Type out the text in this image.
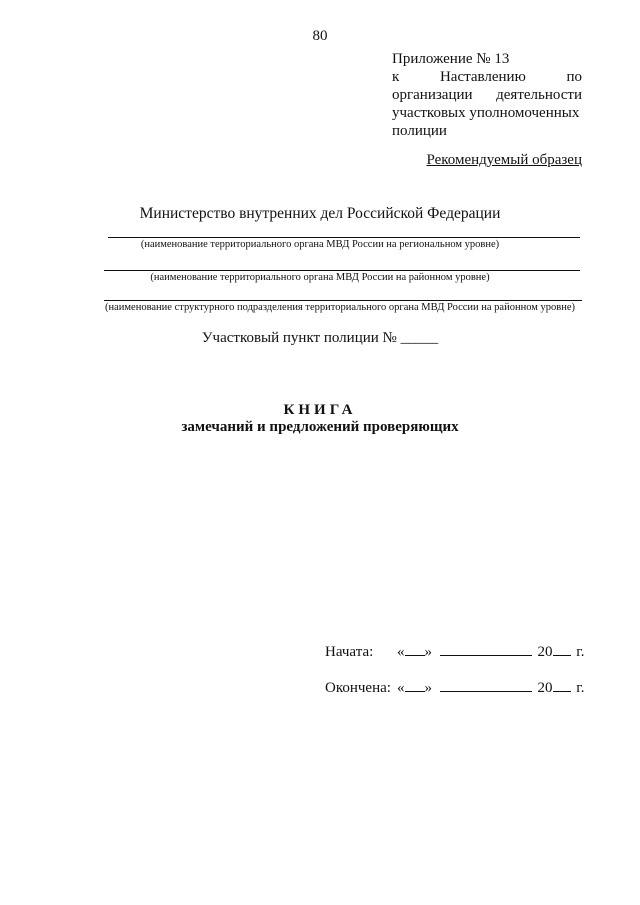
80
Приложение № 13
к	Наставлению	по
организации деятельности
участковых уполномоченных
полиции
Рекомендуемый образец
Министерство внутренних дел Российской Федерации
(наименование территориального органа МВД России на региональном уровне)
(наименование территориального органа МВД России на районном уровне)
(наименование структурного подразделения территориального органа МВД России на районном уровне)
Участковый пункт полиции № _____
КНИГА
замечаний и предложений проверяющих
Начата: « »	20 г.
Окончена: « »	20 г.
